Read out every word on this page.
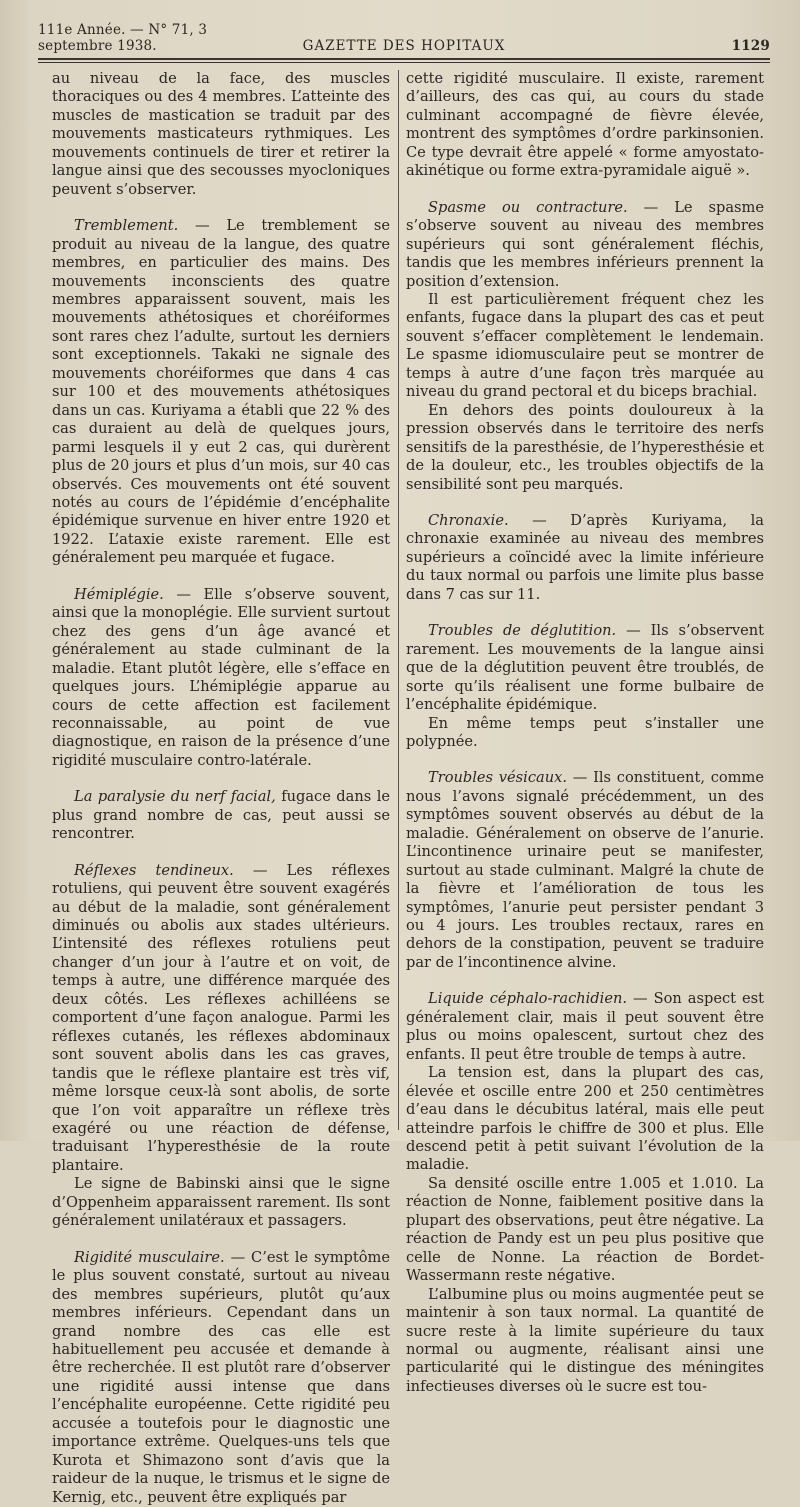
111e Année. — N° 71, 3 septembre 1938.	GAZETTE DES HOPITAUX	1129

au niveau de la face, des muscles thoraciques ou des 4 membres. L’atteinte des muscles de mastication se traduit par des mouvements masticateurs rythmiques. Les mouvements continuels de tirer et retirer la langue ainsi que des secousses myocloniques peuvent s’observer.

Tremblement. — Le tremblement se produit au niveau de la langue, des quatre membres, en particulier des mains. Des mouvements inconscients des quatre membres apparaissent souvent, mais les mouvements athétosiques et choréiformes sont rares chez l’adulte, surtout les derniers sont exceptionnels. Takaki ne signale des mouvements choréiformes que dans 4 cas sur 100 et des mouvements athétosiques dans un cas. Kuriyama a établi que 22 % des cas duraient au delà de quelques jours, parmi lesquels il y eut 2 cas, qui durèrent plus de 20 jours et plus d’un mois, sur 40 cas observés. Ces mouvements ont été souvent notés au cours de l’épidémie d’encéphalite épidémique survenue en hiver entre 1920 et 1922. L’ataxie existe rarement. Elle est généralement peu marquée et fugace.

Hémiplégie. — Elle s’observe souvent, ainsi que la monoplégie. Elle survient surtout chez des gens d’un âge avancé et généralement au stade culminant de la maladie. Etant plutôt légère, elle s’efface en quelques jours. L’hémiplégie apparue au cours de cette affection est facilement reconnaissable, au point de vue diagnostique, en raison de la présence d’une rigidité musculaire contro-latérale.

La paralysie du nerf facial, fugace dans le plus grand nombre de cas, peut aussi se rencontrer.

Réflexes tendineux. — Les réflexes rotuliens, qui peuvent être souvent exagérés au début de la maladie, sont généralement diminués ou abolis aux stades ultérieurs. L’intensité des réflexes rotuliens peut changer d’un jour à l’autre et on voit, de temps à autre, une différence marquée des deux côtés. Les réflexes achilléens se comportent d’une façon analogue. Parmi les réflexes cutanés, les réflexes abdominaux sont souvent abolis dans les cas graves, tandis que le réflexe plantaire est très vif, même lorsque ceux-là sont abolis, de sorte que l’on voit apparaître un réflexe très exagéré ou une réaction de défense, traduisant l’hyperesthésie de la route plantaire.

Le signe de Babinski ainsi que le signe d’Oppenheim apparaissent rarement. Ils sont généralement unilatéraux et passagers.

Rigidité musculaire. — C’est le symptôme le plus souvent constaté, surtout au niveau des membres supérieurs, plutôt qu’aux membres inférieurs. Cependant dans un grand nombre des cas elle est habituellement peu accusée et demande à être recherchée. Il est plutôt rare d’observer une rigidité aussi intense que dans l’encéphalite européenne. Cette rigidité peu accusée a toutefois pour le diagnostic une importance extrême. Quelques-uns tels que Kurota et Shimazono sont d’avis que la raideur de la nuque, le trismus et le signe de Kernig, etc., peuvent être expliqués par

cette rigidité musculaire. Il existe, rarement d’ailleurs, des cas qui, au cours du stade culminant accompagné de fièvre élevée, montrent des symptômes d’ordre parkinsonien. Ce type devrait être appelé « forme amyostato-akinétique ou forme extra-pyramidale aiguë ».

Spasme ou contracture. — Le spasme s’observe souvent au niveau des membres supérieurs qui sont généralement fléchis, tandis que les membres inférieurs prennent la position d’extension.

Il est particulièrement fréquent chez les enfants, fugace dans la plupart des cas et peut souvent s’effacer complètement le lendemain. Le spasme idiomusculaire peut se montrer de temps à autre d’une façon très marquée au niveau du grand pectoral et du biceps brachial.

En dehors des points douloureux à la pression observés dans le territoire des nerfs sensitifs de la paresthésie, de l’hyperesthésie et de la douleur, etc., les troubles objectifs de la sensibilité sont peu marqués.

Chronaxie. — D’après Kuriyama, la chronaxie examinée au niveau des membres supérieurs a coïncidé avec la limite inférieure du taux normal ou parfois une limite plus basse dans 7 cas sur 11.

Troubles de déglutition. — Ils s’observent rarement. Les mouvements de la langue ainsi que de la déglutition peuvent être troublés, de sorte qu’ils réalisent une forme bulbaire de l’encéphalite épidémique.

En même temps peut s’installer une polypnée.

Troubles vésicaux. — Ils constituent, comme nous l’avons signalé précédemment, un des symptômes souvent observés au début de la maladie. Généralement on observe de l’anurie. L’incontinence urinaire peut se manifester, surtout au stade culminant. Malgré la chute de la fièvre et l’amélioration de tous les symptômes, l’anurie peut persister pendant 3 ou 4 jours. Les troubles rectaux, rares en dehors de la constipation, peuvent se traduire par de l’incontinence alvine.

Liquide céphalo-rachidien. — Son aspect est généralement clair, mais il peut souvent être plus ou moins opalescent, surtout chez des enfants. Il peut être trouble de temps à autre.

La tension est, dans la plupart des cas, élevée et oscille entre 200 et 250 centimètres d’eau dans le décubitus latéral, mais elle peut atteindre parfois le chiffre de 300 et plus. Elle descend petit à petit suivant l’évolution de la maladie.

Sa densité oscille entre 1.005 et 1.010. La réaction de Nonne, faiblement positive dans la plupart des observations, peut être négative. La réaction de Pandy est un peu plus positive que celle de Nonne. La réaction de Bordet-Wassermann reste négative.

L’albumine plus ou moins augmentée peut se maintenir à son taux normal. La quantité de sucre reste à la limite supérieure du taux normal ou augmente, réalisant ainsi une particularité qui le distingue des méningites infectieuses diverses où le sucre est tou-
